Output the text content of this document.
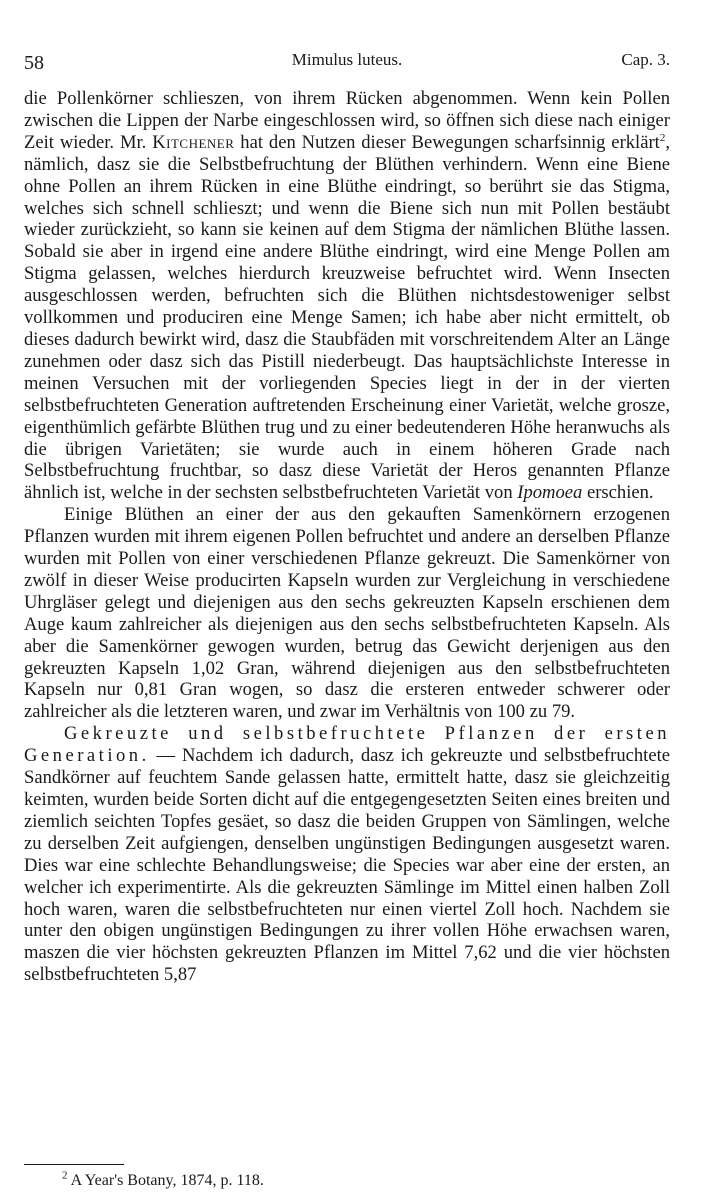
58	Mimulus luteus.	Cap. 3.

die Pollenkörner schlieszen, von ihrem Rücken abgenommen. Wenn kein Pollen zwischen die Lippen der Narbe eingeschlossen wird, so öffnen sich diese nach einiger Zeit wieder. Mr. Kitchener hat den Nutzen dieser Bewegungen scharfsinnig erklärt$^2$, nämlich, dasz sie die Selbstbefruchtung der Blüthen verhindern. Wenn eine Biene ohne Pollen an ihrem Rücken in eine Blüthe eindringt, so berührt sie das Stigma, welches sich schnell schlieszt; und wenn die Biene sich nun mit Pollen bestäubt wieder zurückzieht, so kann sie keinen auf dem Stigma der nämlichen Blüthe lassen. Sobald sie aber in irgend eine andere Blüthe eindringt, wird eine Menge Pollen am Stigma gelassen, welches hierdurch kreuzweise befruchtet wird. Wenn Insecten ausgeschlossen werden, befruchten sich die Blüthen nichtsdestoweniger selbst vollkommen und produciren eine Menge Samen; ich habe aber nicht ermittelt, ob dieses dadurch bewirkt wird, dasz die Staubfäden mit vorschreitendem Alter an Länge zunehmen oder dasz sich das Pistill niederbeugt. Das hauptsächlichste Interesse in meinen Versuchen mit der vorliegenden Species liegt in der in der vierten selbstbefruchteten Generation auftretenden Erscheinung einer Varietät, welche grosze, eigenthümlich gefärbte Blüthen trug und zu einer bedeutenderen Höhe heranwuchs als die übrigen Varietäten; sie wurde auch in einem höheren Grade nach Selbstbefruchtung fruchtbar, so dasz diese Varietät der Heros genannten Pflanze ähnlich ist, welche in der sechsten selbstbefruchteten Varietät von Ipomoea erschien.

Einige Blüthen an einer der aus den gekauften Samenkörnern erzogenen Pflanzen wurden mit ihrem eigenen Pollen befruchtet und andere an derselben Pflanze wurden mit Pollen von einer verschiedenen Pflanze gekreuzt. Die Samenkörner von zwölf in dieser Weise producirten Kapseln wurden zur Vergleichung in verschiedene Uhrgläser gelegt und diejenigen aus den sechs gekreuzten Kapseln erschienen dem Auge kaum zahlreicher als diejenigen aus den sechs selbstbefruchteten Kapseln. Als aber die Samenkörner gewogen wurden, betrug das Gewicht derjenigen aus den gekreuzten Kapseln 1,02 Gran, während diejenigen aus den selbstbefruchteten Kapseln nur 0,81 Gran wogen, so dasz die ersteren entweder schwerer oder zahlreicher als die letzteren waren, und zwar im Verhältnis von 100 zu 79.

Gekreuzte und selbstbefruchtete Pflanzen der ersten Generation. — Nachdem ich dadurch, dasz ich gekreuzte und selbstbefruchtete Sandkörner auf feuchtem Sande gelassen hatte, ermittelt hatte, dasz sie gleichzeitig keimten, wurden beide Sorten dicht auf die entgegengesetzten Seiten eines breiten und ziemlich seichten Topfes gesäet, so dasz die beiden Gruppen von Sämlingen, welche zu derselben Zeit aufgiengen, denselben ungünstigen Bedingungen ausgesetzt waren. Dies war eine schlechte Behandlungsweise; die Species war aber eine der ersten, an welcher ich experimentirte. Als die gekreuzten Sämlinge im Mittel einen halben Zoll hoch waren, waren die selbstbefruchteten nur einen viertel Zoll hoch. Nachdem sie unter den obigen ungünstigen Bedingungen zu ihrer vollen Höhe erwachsen waren, maszen die vier höchsten gekreuzten Pflanzen im Mittel 7,62 und die vier höchsten selbstbefruchteten 5,87

$^2$ A Year's Botany, 1874, p. 118.
